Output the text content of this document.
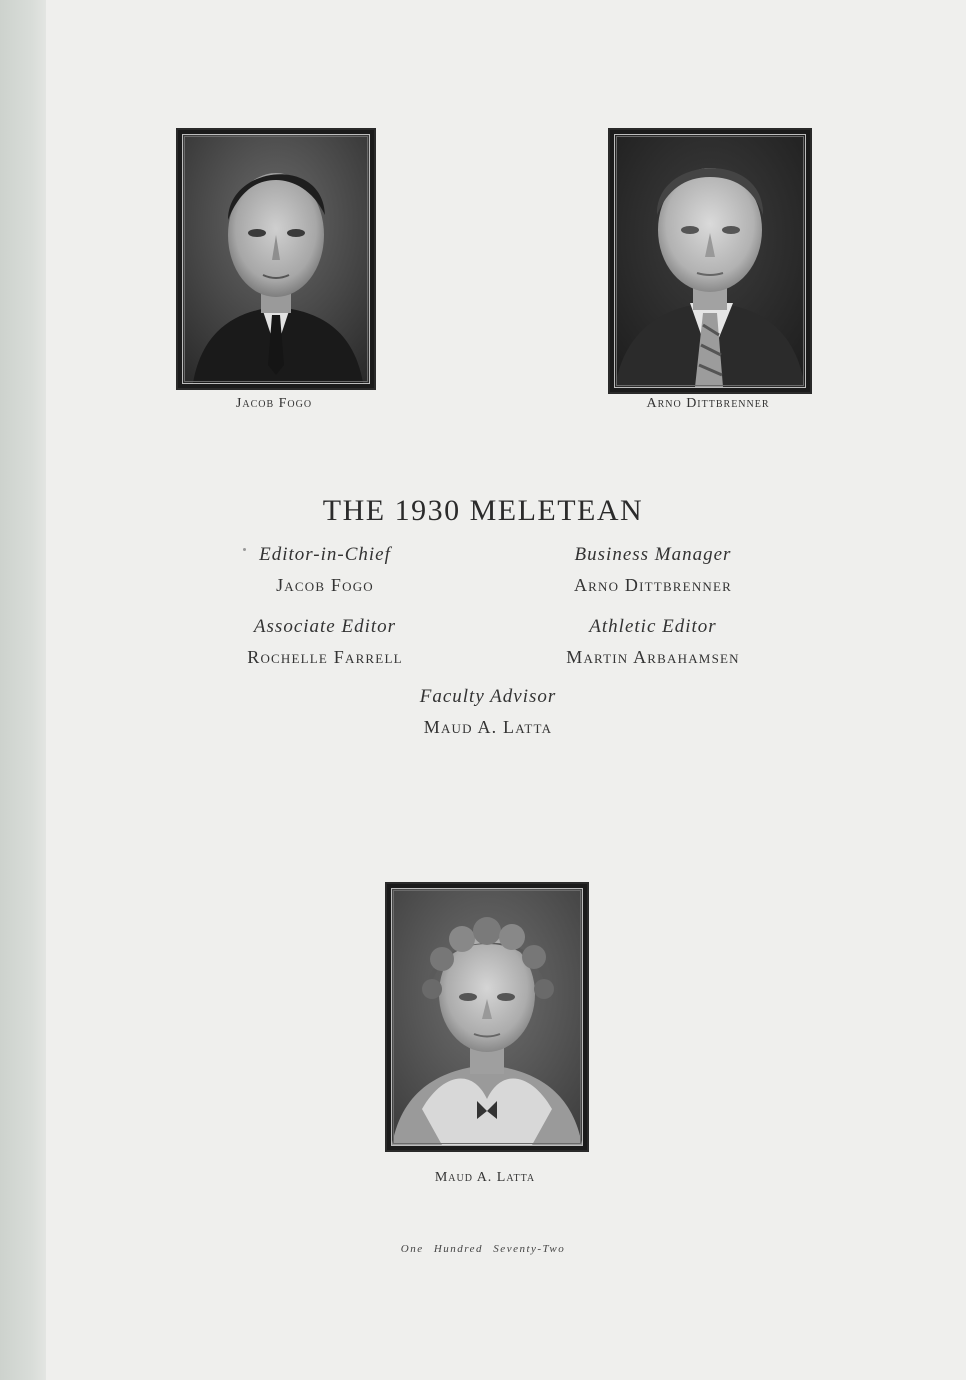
Jacob Fogo	Arno Dittbrenner
THE 1930 MELETEAN
Editor-in-Chief
Jacob Fogo
Business Manager
Arno Dittbrenner
Associate Editor
Rochelle Farrell
Athletic Editor
Martin Arbahamsen
Faculty Advisor
Maud A. Latta
Maud A. Latta
One Hundred Seventy-Two
